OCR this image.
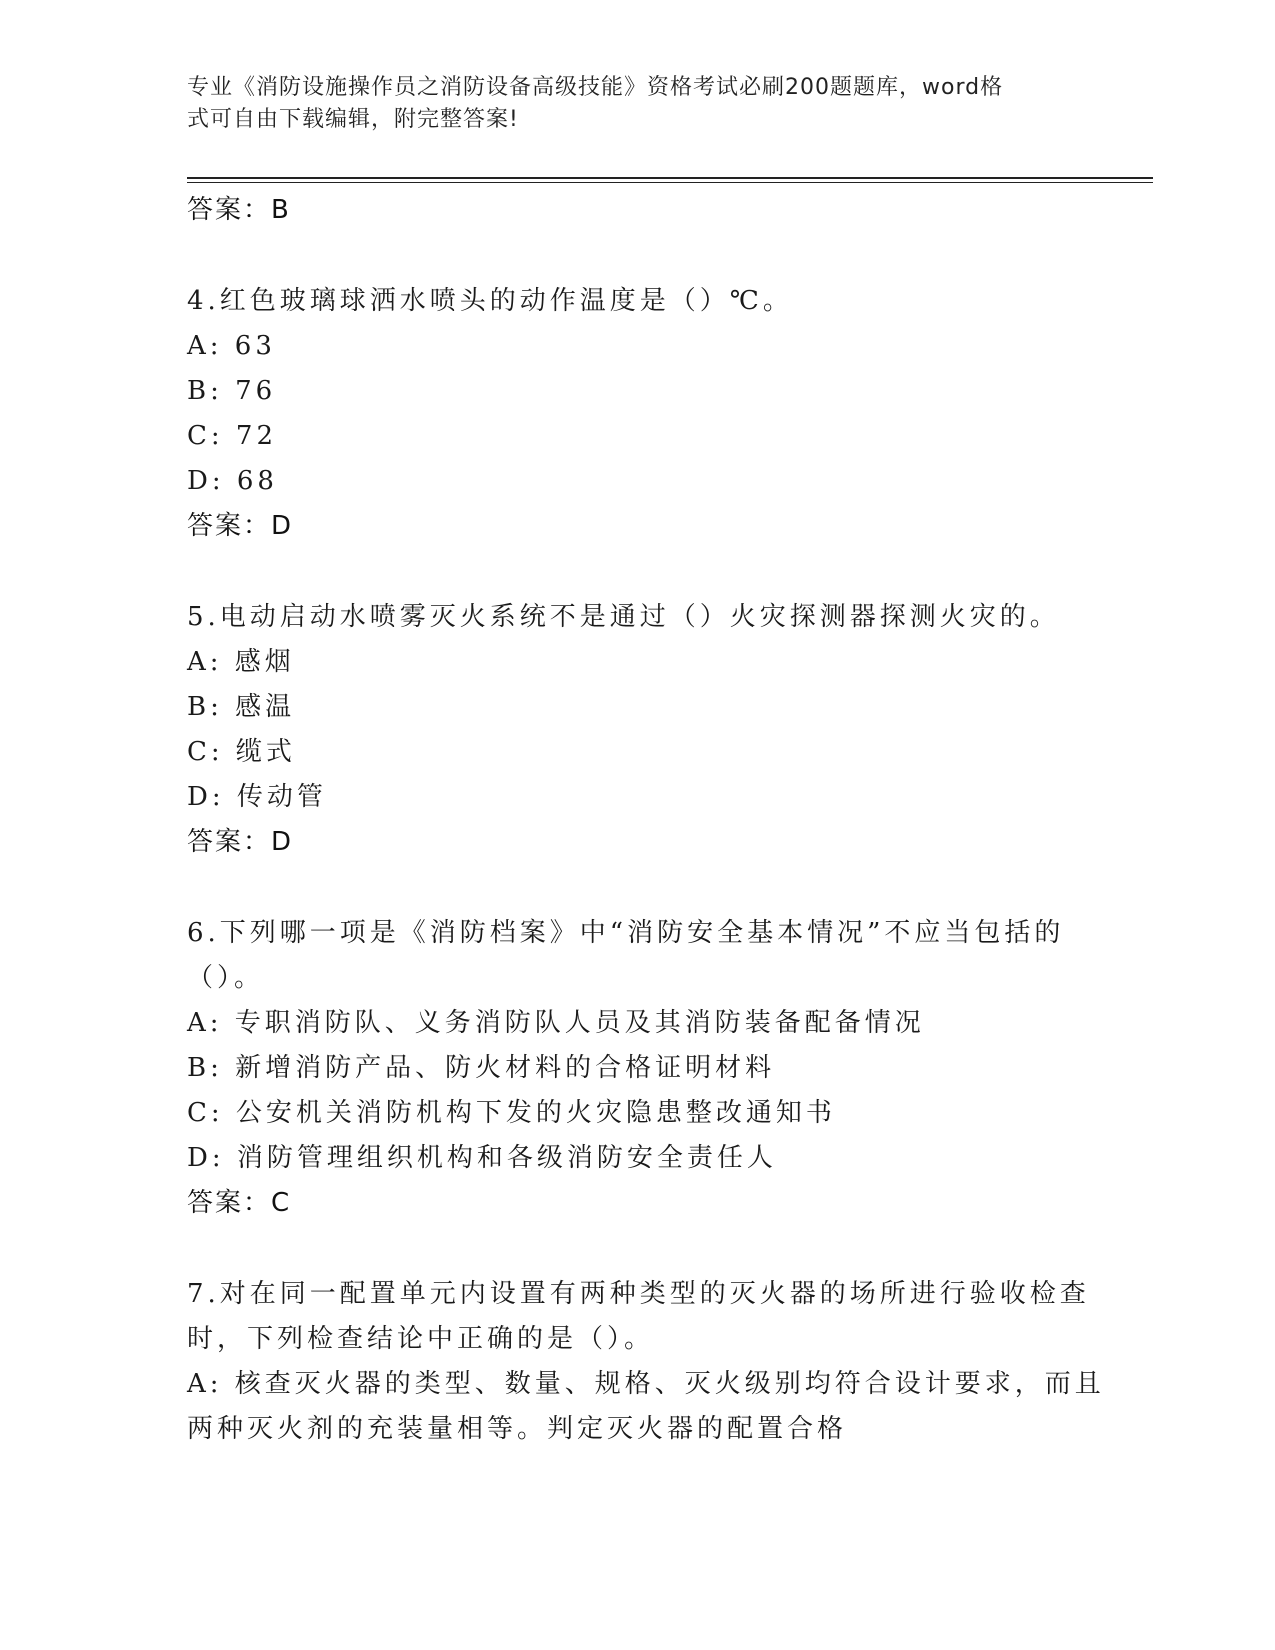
专业《消防设施操作员之消防设备高级技能》资格考试必刷200题题库，word格
式可自由下载编辑，附完整答案!
答案：B
4.红色玻璃球洒水喷头的动作温度是（）℃。
A: 63
B: 76
C: 72
D: 68
答案：D
5.电动启动水喷雾灭火系统不是通过（）火灾探测器探测火灾的。
A: 感烟
B: 感温
C: 缆式
D: 传动管
答案：D
6.下列哪一项是《消防档案》中“消防安全基本情况”不应当包括的
（）。
A: 专职消防队、义务消防队人员及其消防装备配备情况
B: 新增消防产品、防火材料的合格证明材料
C: 公安机关消防机构下发的火灾隐患整改通知书
D: 消防管理组织机构和各级消防安全责任人
答案：C
7.对在同一配置单元内设置有两种类型的灭火器的场所进行验收检查
时，下列检查结论中正确的是（）。
A: 核查灭火器的类型、数量、规格、灭火级别均符合设计要求，而且
两种灭火剂的充装量相等。判定灭火器的配置合格
